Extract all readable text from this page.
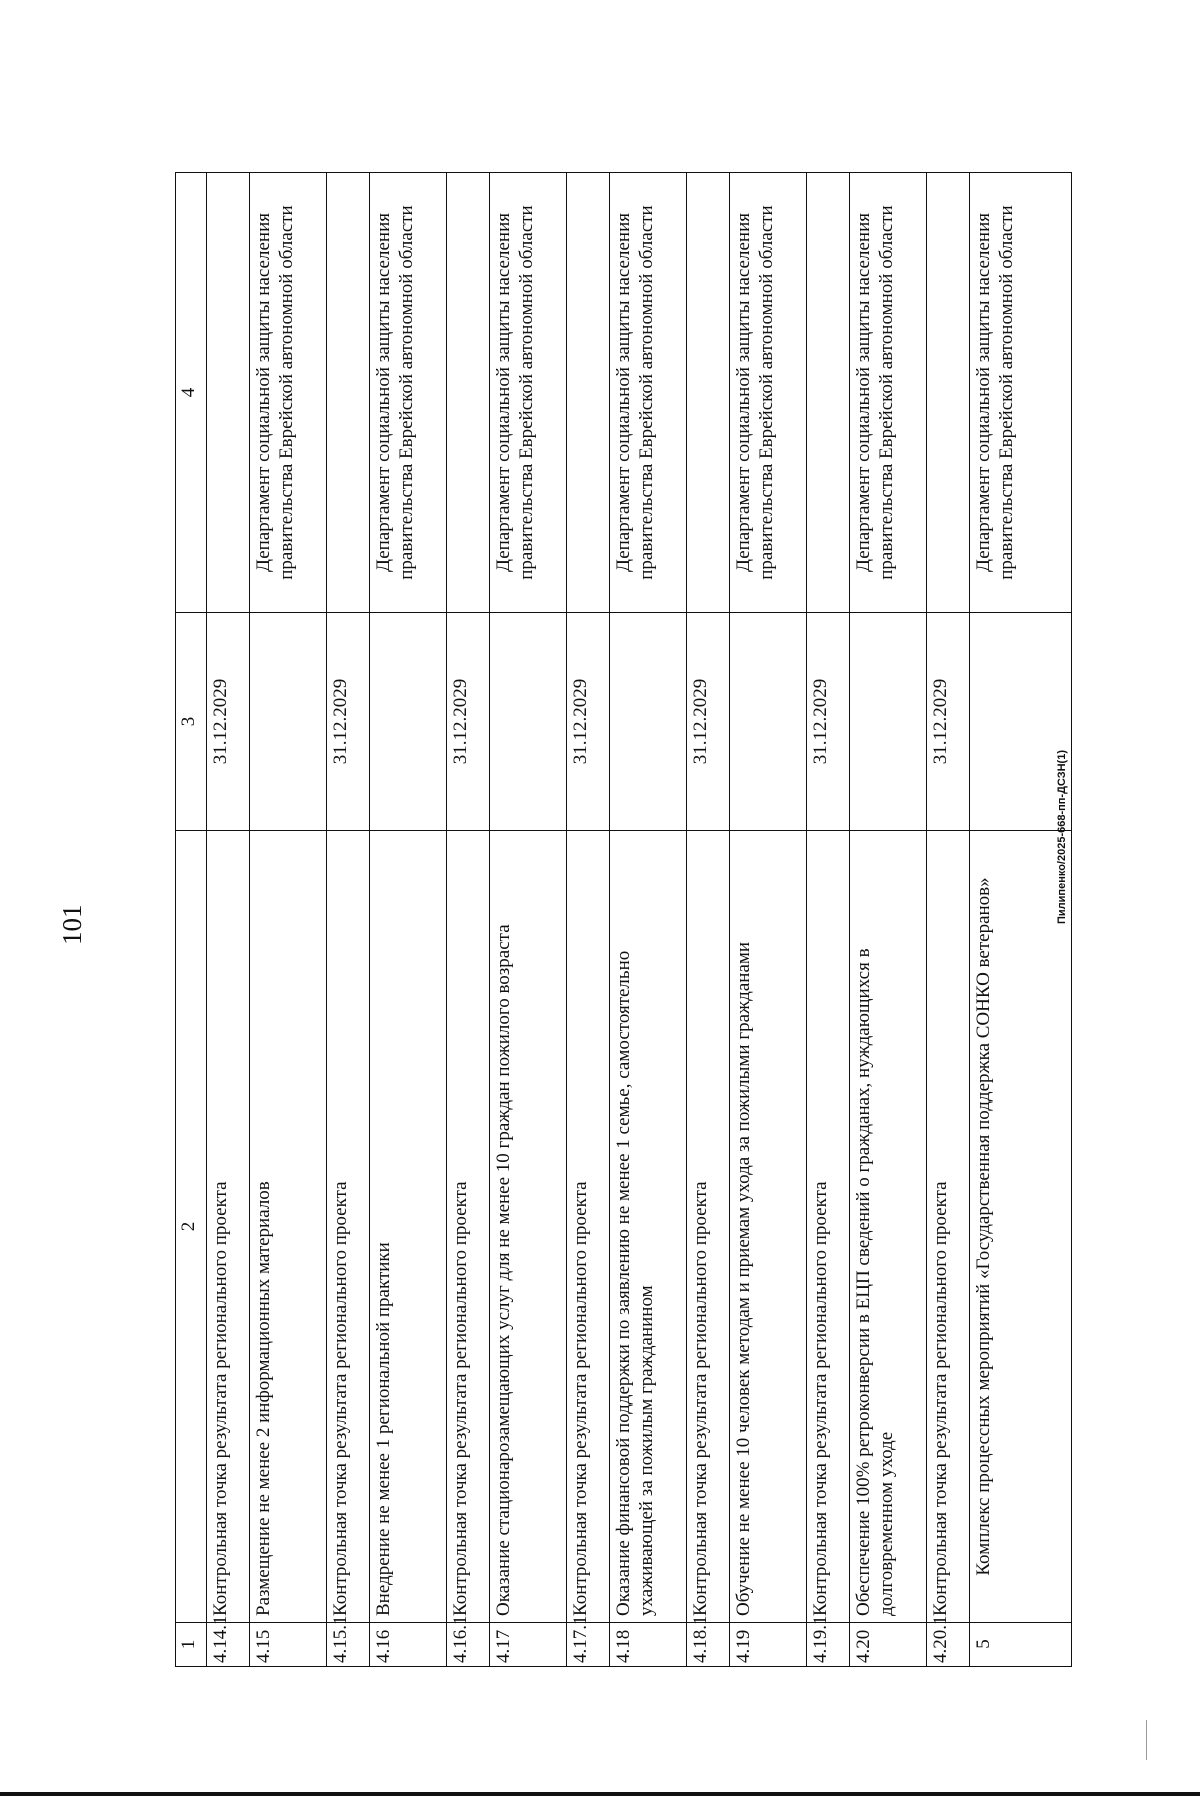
101
1	2	3	4
4.14.1	Контрольная точка результата регионального проекта	31.12.2029	
4.15	Размещение не менее 2 информационных материалов		Департамент социальной защиты населения правительства Еврейской автономной области
4.15.1	Контрольная точка результата регионального проекта	31.12.2029	
4.16	Внедрение не менее 1 региональной практики		Департамент социальной защиты населения правительства Еврейской автономной области
4.16.1	Контрольная точка результата регионального проекта	31.12.2029	
4.17	Оказание стационарозамещающих услуг для не менее 10 граждан пожилого возраста		Департамент социальной защиты населения правительства Еврейской автономной области
4.17.1	Контрольная точка результата регионального проекта	31.12.2029	
4.18	Оказание финансовой поддержки по заявлению не менее 1 семье, самостоятельно ухаживающей за пожилым гражданином		Департамент социальной защиты населения правительства Еврейской автономной области
4.18.1	Контрольная точка результата регионального проекта	31.12.2029	
4.19	Обучение не менее 10 человек методам и приемам ухода за пожилыми гражданами		Департамент социальной защиты населения правительства Еврейской автономной области
4.19.1	Контрольная точка результата регионального проекта	31.12.2029	
4.20	Обеспечение 100% ретроконверсии в ЕЦП сведений о гражданах, нуждающихся в долговременном уходе		Департамент социальной защиты населения правительства Еврейской автономной области
4.20.1	Контрольная точка результата регионального проекта	31.12.2029	
5	Комплекс процессных мероприятий «Государственная поддержка СОНКО ветеранов»		Департамент социальной защиты населения правительства Еврейской автономной области
Пилипенко/2025-668-пп-ДСЗН(1)
